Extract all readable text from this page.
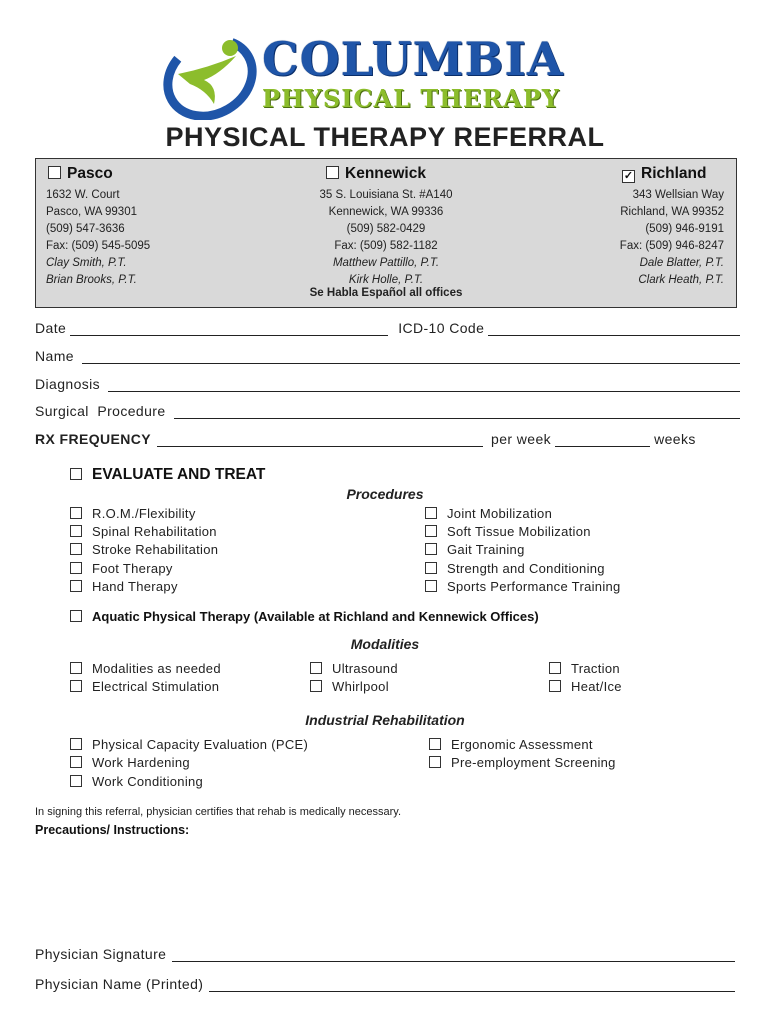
COLUMBIA
PHYSICAL THERAPY
PHYSICAL THERAPY REFERRAL
Pasco
1632 W. Court
Pasco, WA 99301
(509) 547-3636
Fax: (509) 545-5095
Clay Smith, P.T.
Brian Brooks, P.T.
Kennewick
35 S. Louisiana St. #A140
Kennewick, WA 99336
(509) 582-0429
Fax: (509) 582-1182
Matthew Pattillo, P.T.
Kirk Holle, P.T.
✓ Richland
343 Wellsian Way
Richland, WA 99352
(509) 946-9191
Fax: (509) 946-8247
Dale Blatter, P.T.
Clark Heath, P.T.
Se Habla Español all offices
Date	ICD-10 Code
Name
Diagnosis
Surgical  Procedure
RX FREQUENCY	per week	weeks
EVALUATE AND TREAT
Procedures
R.O.M./Flexibility
Spinal Rehabilitation
Stroke Rehabilitation
Foot Therapy
Hand Therapy
Joint Mobilization
Soft Tissue Mobilization
Gait Training
Strength and Conditioning
Sports Performance Training
Aquatic Physical Therapy (Available at Richland and Kennewick Offices)
Modalities
Modalities as needed
Electrical Stimulation
Ultrasound
Whirlpool
Traction
Heat/Ice
Industrial Rehabilitation
Physical Capacity Evaluation (PCE)
Work Hardening
Work Conditioning
Ergonomic Assessment
Pre-employment Screening
In signing this referral, physician certifies that rehab is medically necessary.
Precautions/ Instructions:
Physician Signature
Physician Name (Printed)
